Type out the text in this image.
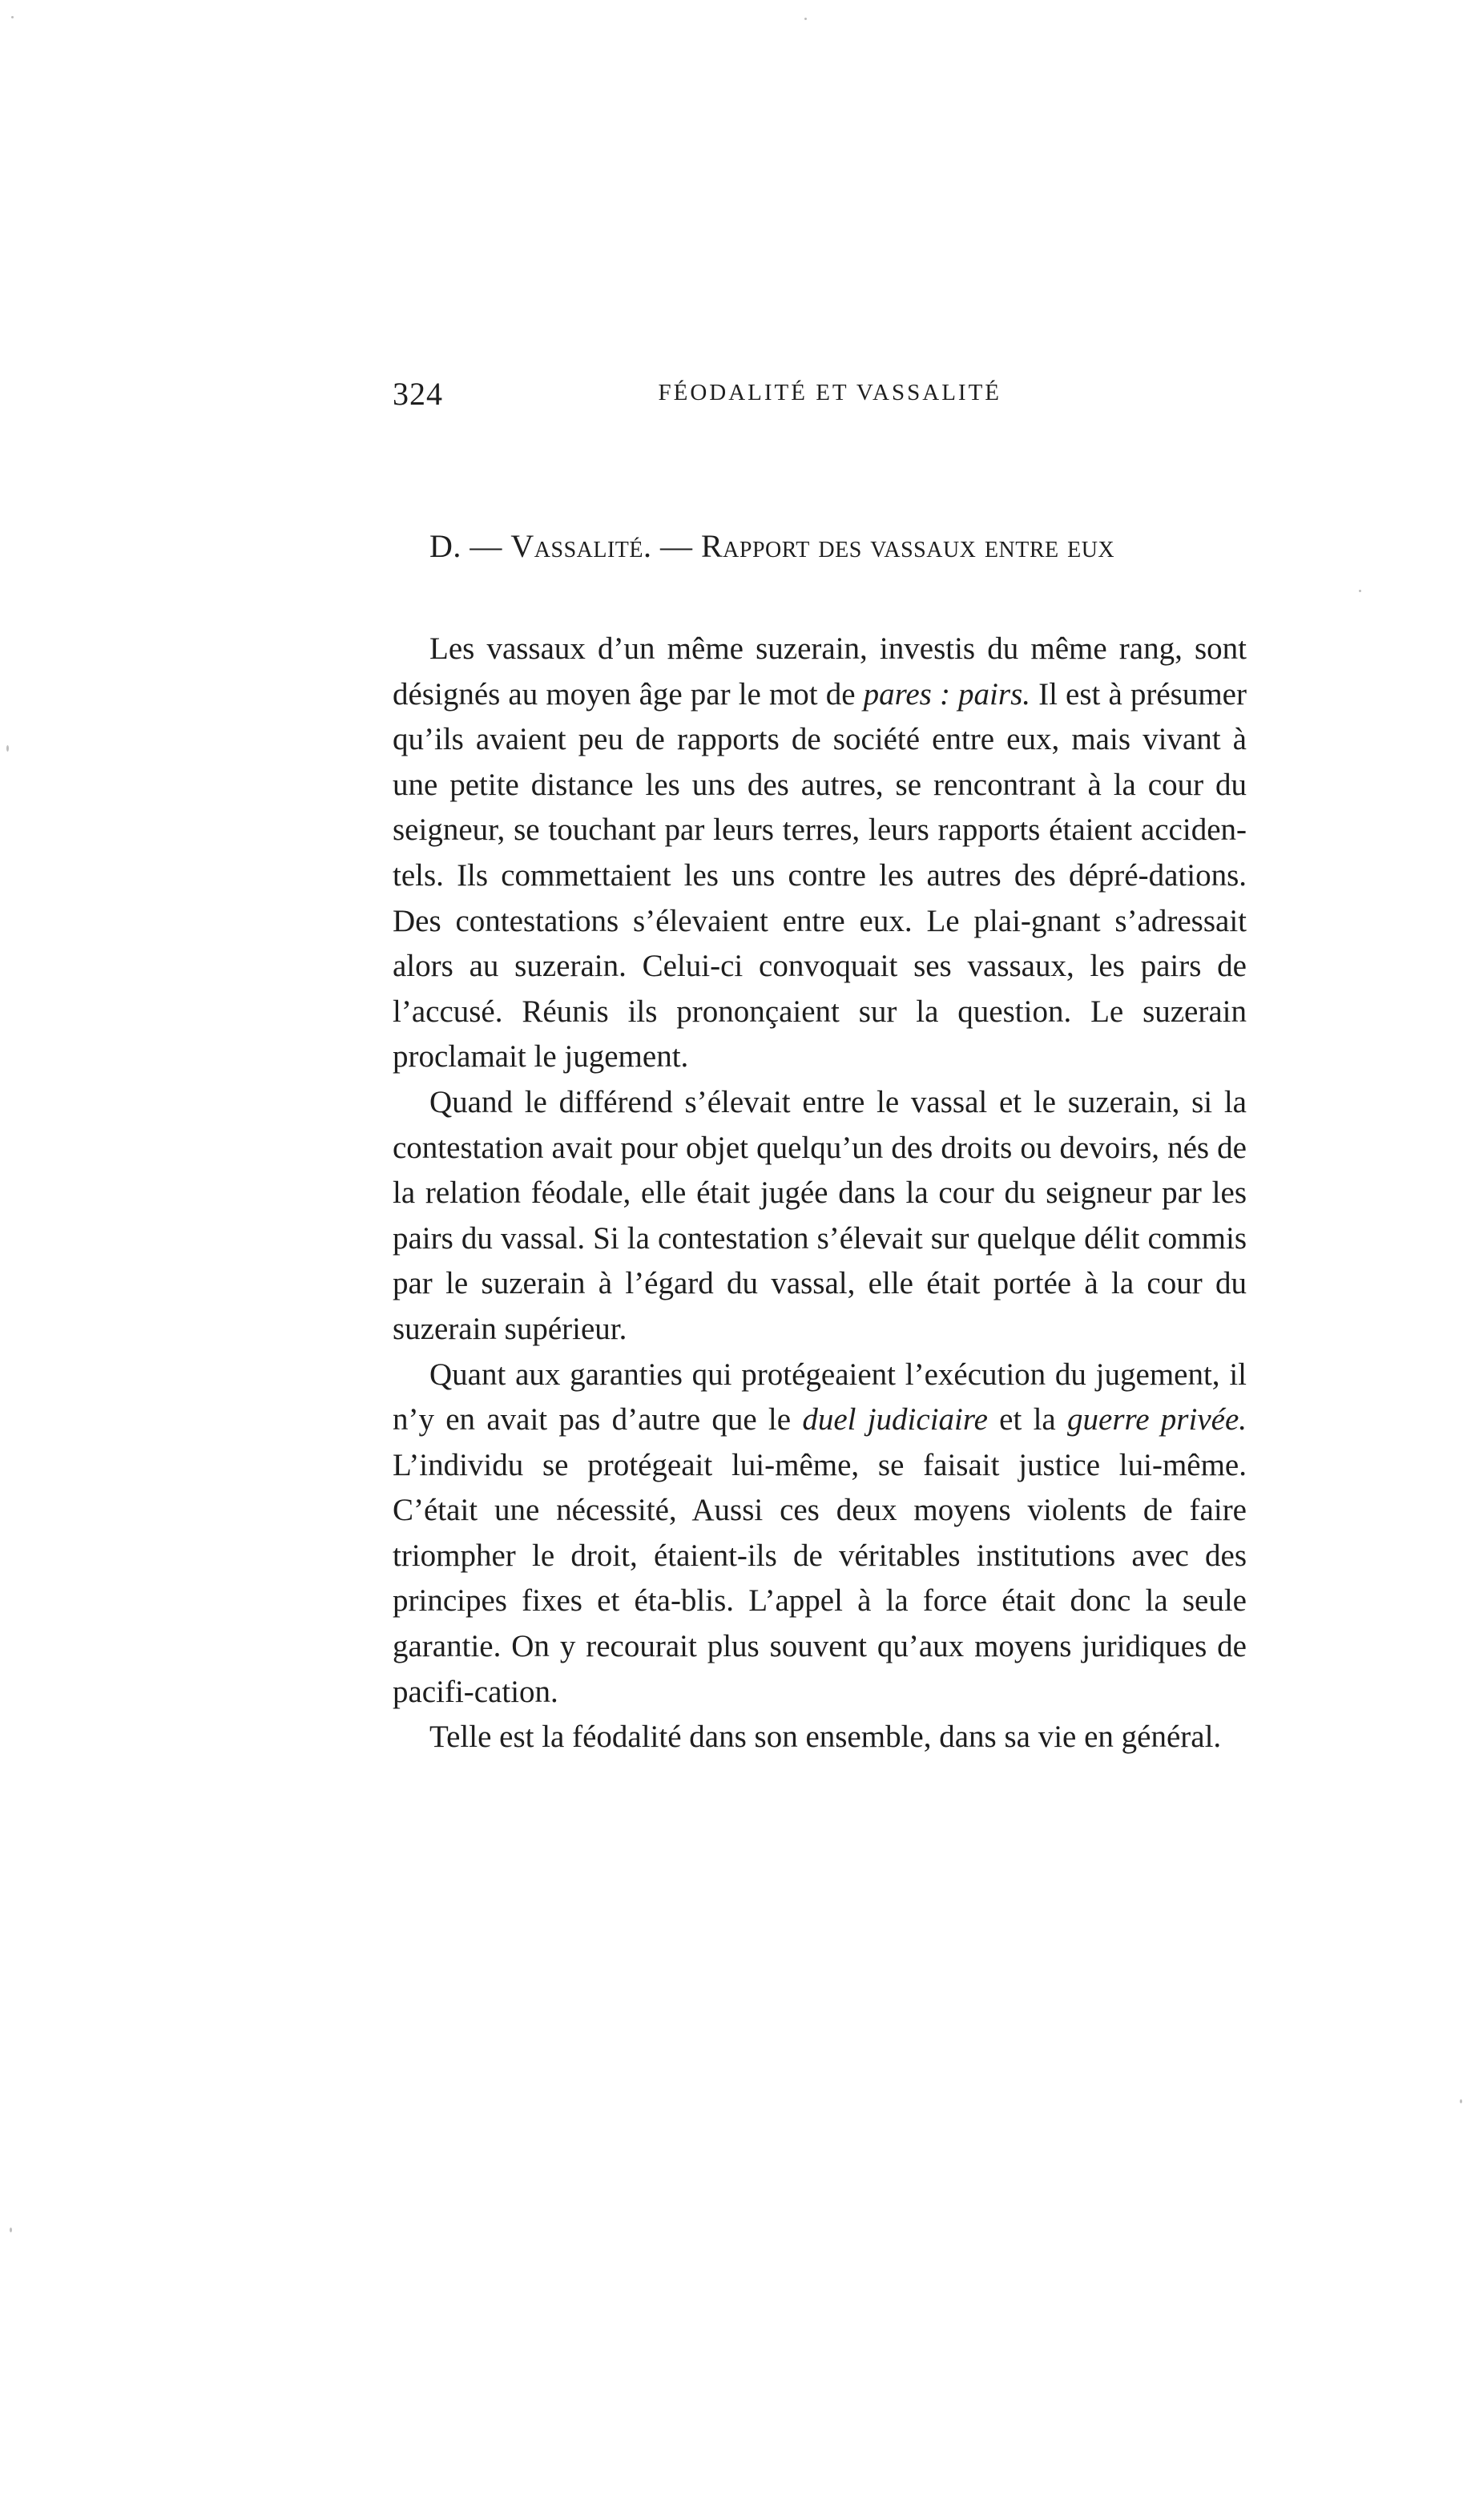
324	FÉODALITÉ ET VASSALITÉ
D. — Vassalité. — Rapport des vassaux entre eux

Les vassaux d’un même suzerain, investis du même rang, sont désignés au moyen âge par le mot de pares : pairs. Il est à présumer qu’ils avaient peu de rapports de société entre eux, mais vivant à une petite distance les uns des autres, se rencontrant à la cour du seigneur, se touchant par leurs terres, leurs rapports étaient acciden-tels. Ils commettaient les uns contre les autres des dépré-dations. Des contestations s’élevaient entre eux. Le plai-gnant s’adressait alors au suzerain. Celui-ci convoquait ses vassaux, les pairs de l’accusé. Réunis ils prononçaient sur la question. Le suzerain proclamait le jugement.

Quand le différend s’élevait entre le vassal et le suzerain, si la contestation avait pour objet quelqu’un des droits ou devoirs, nés de la relation féodale, elle était jugée dans la cour du seigneur par les pairs du vassal. Si la contestation s’élevait sur quelque délit commis par le suzerain à l’égard du vassal, elle était portée à la cour du suzerain supérieur.

Quant aux garanties qui protégeaient l’exécution du jugement, il n’y en avait pas d’autre que le duel judiciaire et la guerre privée. L’individu se protégeait lui-même, se faisait justice lui-même. C’était une nécessité, Aussi ces deux moyens violents de faire triompher le droit, étaient-ils de véritables institutions avec des principes fixes et éta-blis. L’appel à la force était donc la seule garantie. On y recourait plus souvent qu’aux moyens juridiques de pacifi-cation.

Telle est la féodalité dans son ensemble, dans sa vie en général.
